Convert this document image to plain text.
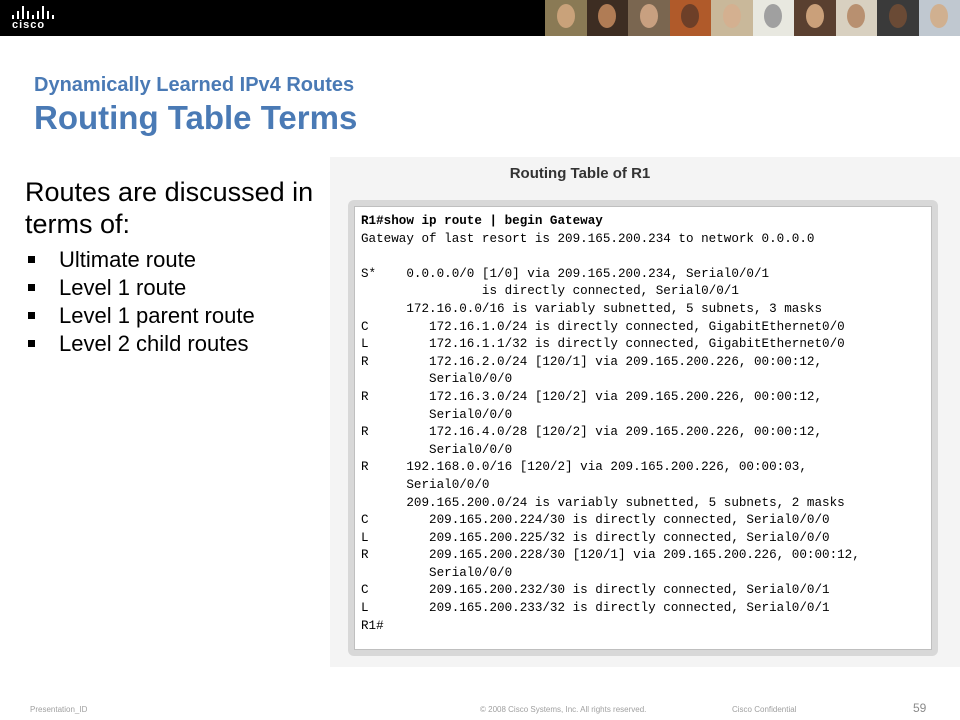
cisco
Dynamically Learned IPv4 Routes
Routing Table Terms
Routes are discussed in terms of:
Ultimate route
Level 1 route
Level 1 parent route
Level 2 child routes
Routing Table of R1
R1#show ip route | begin Gateway
Gateway of last resort is 209.165.200.234 to network 0.0.0.0
S*    0.0.0.0/0 [1/0] via 209.165.200.234, Serial0/0/1
is directly connected, Serial0/0/1
172.16.0.0/16 is variably subnetted, 5 subnets, 3 masks
C        172.16.1.0/24 is directly connected, GigabitEthernet0/0
L        172.16.1.1/32 is directly connected, GigabitEthernet0/0
R        172.16.2.0/24 [120/1] via 209.165.200.226, 00:00:12,
Serial0/0/0
R        172.16.3.0/24 [120/2] via 209.165.200.226, 00:00:12,
Serial0/0/0
R        172.16.4.0/28 [120/2] via 209.165.200.226, 00:00:12,
Serial0/0/0
R     192.168.0.0/16 [120/2] via 209.165.200.226, 00:00:03,
Serial0/0/0
209.165.200.0/24 is variably subnetted, 5 subnets, 2 masks
C        209.165.200.224/30 is directly connected, Serial0/0/0
L        209.165.200.225/32 is directly connected, Serial0/0/0
R        209.165.200.228/30 [120/1] via 209.165.200.226, 00:00:12,
Serial0/0/0
C        209.165.200.232/30 is directly connected, Serial0/0/1
L        209.165.200.233/32 is directly connected, Serial0/0/1
R1#
Presentation_ID	© 2008 Cisco Systems, Inc. All rights reserved.	Cisco Confidential	59
